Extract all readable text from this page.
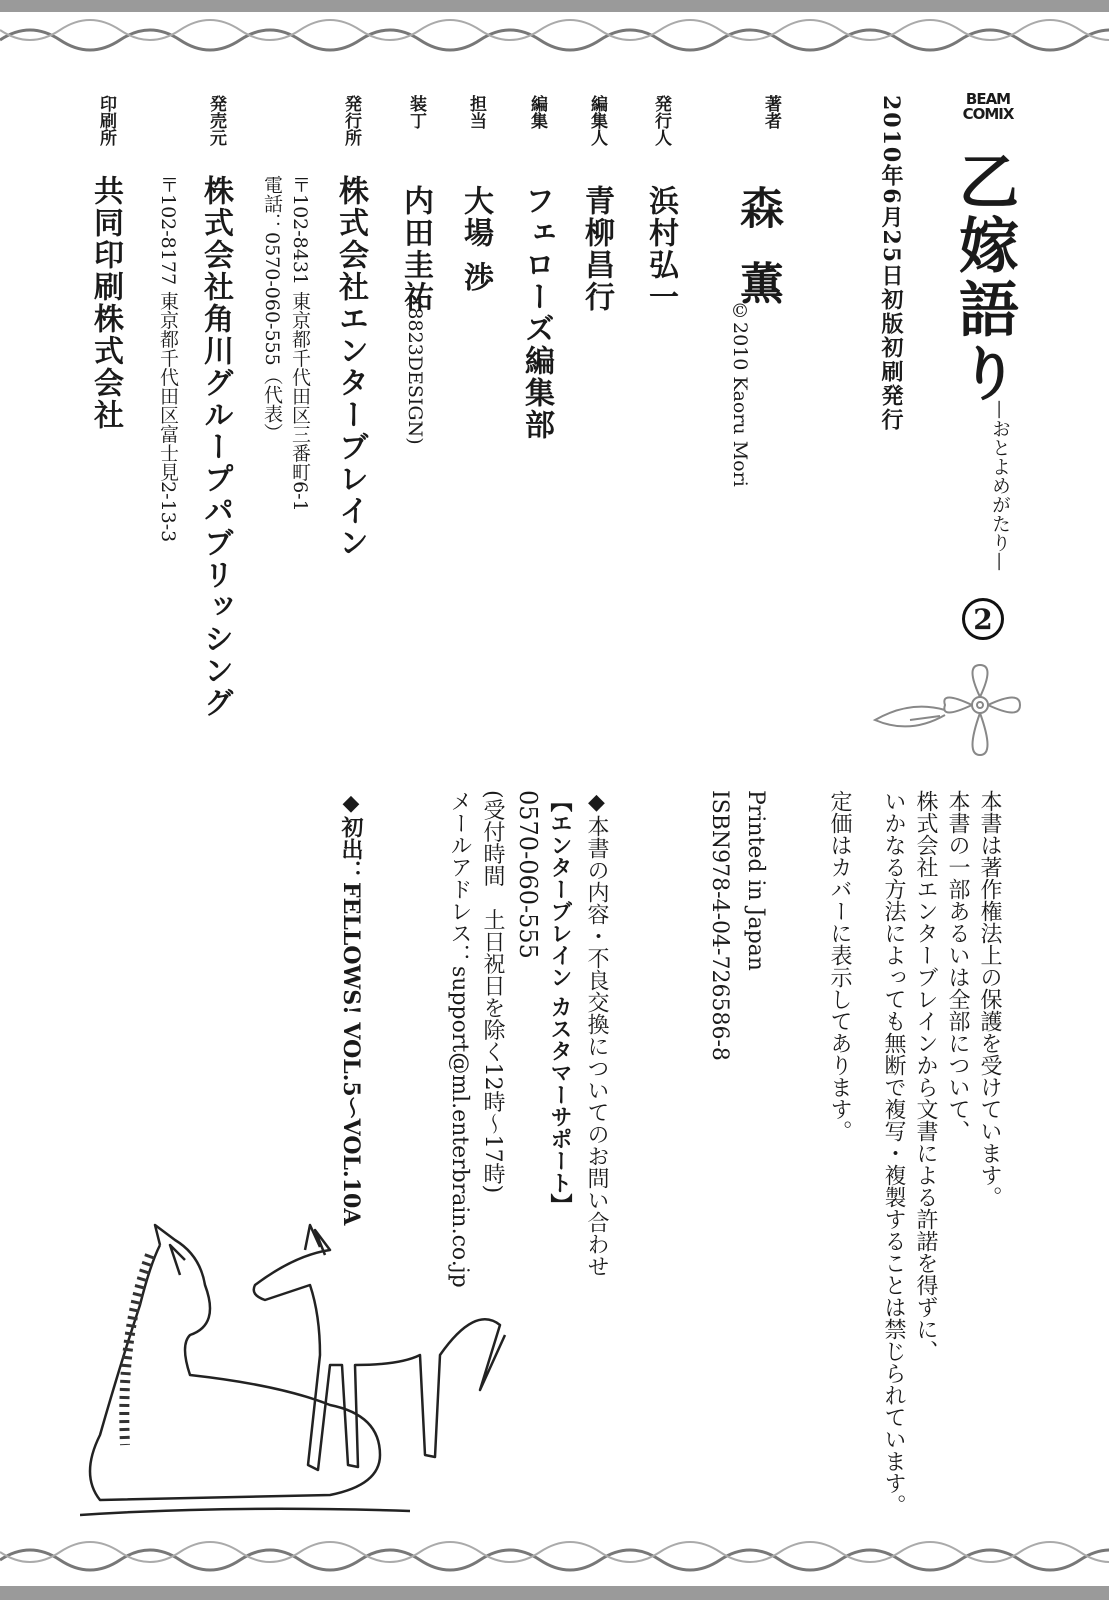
BEAM COMIX
乙嫁語り
—おとよめがたり—
2
2010年6月25日初版初刷発行
著者
森 薫
©2010 Kaoru Mori
発行人
浜村弘一
編集人
青柳昌行
編集
フェローズ編集部
担当
大場 渉
装丁
内田圭祐
(8823DESIGN)
発行所
株式会社エンターブレイン
〒102-8431 東京都千代田区三番町6-1
電話：0570-060-555（代表）
発売元
株式会社角川グループパブリッシング
〒102-8177 東京都千代田区富士見2-13-3
印刷所
共同印刷株式会社
本書は著作権法上の保護を受けています。
本書の一部あるいは全部について、
株式会社エンターブレインから文書による許諾を得ずに、
いかなる方法によっても無断で複写・複製することは禁じられています。
定価はカバーに表示してあります。
Printed in Japan
ISBN978-4-04-726586-8
◆本書の内容・不良交換についてのお問い合わせ
【エンターブレイン カスタマーサポート】
0570-060-555
(受付時間　土日祝日を除く12時～17時)
メールアドレス：support@ml.enterbrain.co.jp
◆初出：FELLOWS! VOL.5～VOL.10A
